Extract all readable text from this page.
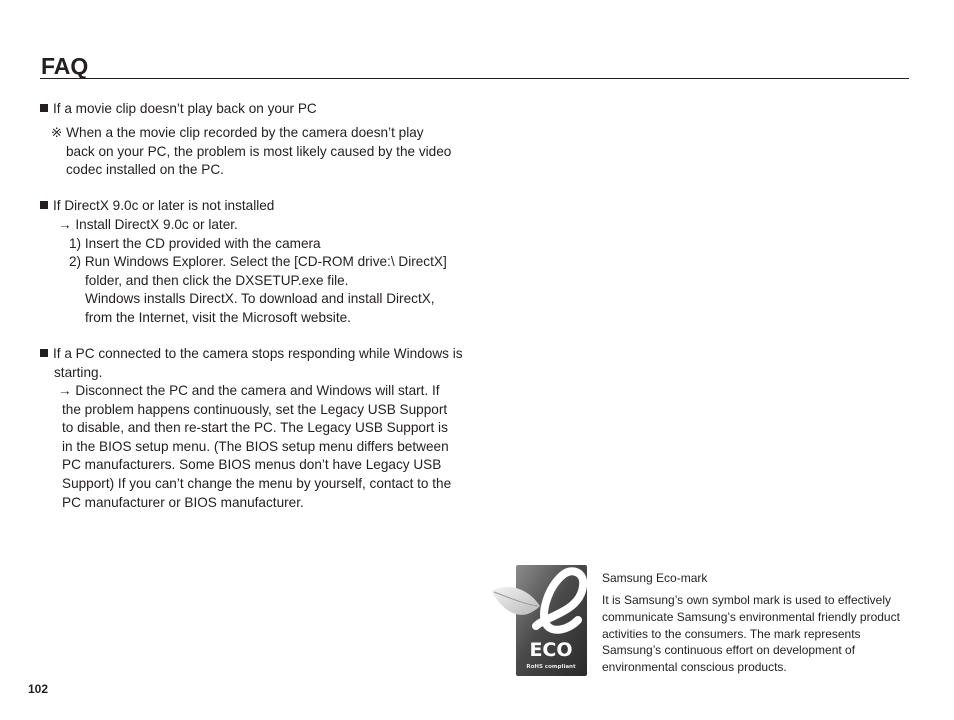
FAQ
If a movie clip doesn’t play back on your PC
※ When a the movie clip recorded by the camera doesn’t play
back on your PC, the problem is most likely caused by the video
codec installed on the PC.
If DirectX 9.0c or later is not installed
→ Install DirectX 9.0c or later.
1) Insert the CD provided with the camera
2) Run Windows Explorer. Select the [CD-ROM drive:\ DirectX]
folder, and then click the DXSETUP.exe file.
Windows installs DirectX. To download and install DirectX,
from the Internet, visit the Microsoft website.
If a PC connected to the camera stops responding while Windows is
starting.
→ Disconnect the PC and the camera and Windows will start. If
the problem happens continuously, set the Legacy USB Support
to disable, and then re-start the PC. The Legacy USB Support is
in the BIOS setup menu. (The BIOS setup menu differs between
PC manufacturers. Some BIOS menus don’t have Legacy USB
Support) If you can’t change the menu by yourself, contact to the
PC manufacturer or BIOS manufacturer.
ECO
RoHS compliant
Samsung Eco-mark
It is Samsung’s own symbol mark is used to effectively
communicate Samsung’s environmental friendly product
activities to the consumers. The mark represents
Samsung’s continuous effort on development of
environmental conscious products.
102
